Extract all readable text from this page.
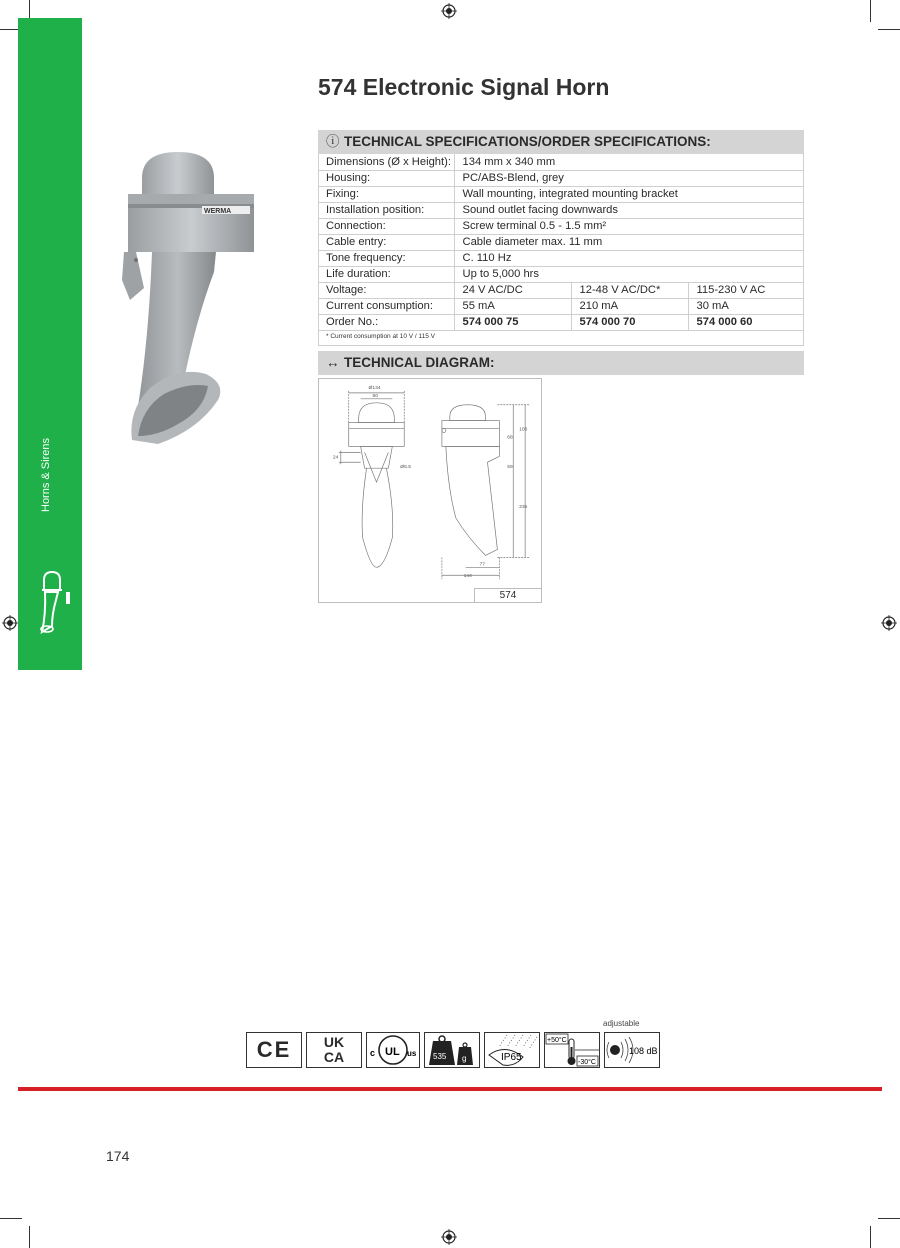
Horns & Sirens
574 Electronic Signal Horn
WERMA
ⓘ TECHNICAL SPECIFICATIONS/ORDER SPECIFICATIONS:
Dimensions (Ø x Height):	134 mm x 340 mm		
Housing:	PC/ABS-Blend, grey		
Fixing:	Wall mounting, integrated mounting bracket		
Installation position:	Sound outlet facing downwards		
Connection:	Screw terminal 0.5 - 1.5 mm²		
Cable entry:	Cable diameter max. 11 mm		
Tone frequency:	C. 110 Hz		
Life duration:	Up to 5,000 hrs		
Voltage:	24 V AC/DC	12-48 V AC/DC*	115-230 V AC
Current consumption:	55 mA	210 mA	30 mA
Order No.:	574 000 75	574 000 70	574 000 60
* Current consumption at 10 V / 115 V
↔ TECHNICAL DIAGRAM:
Ø134
50
24
Ø6.5
68
106
59
235
77
144
574
adjustable
CE	UK
CA	c UL us 535 g	IP65
+50°C
-30°C
108 dB
174
